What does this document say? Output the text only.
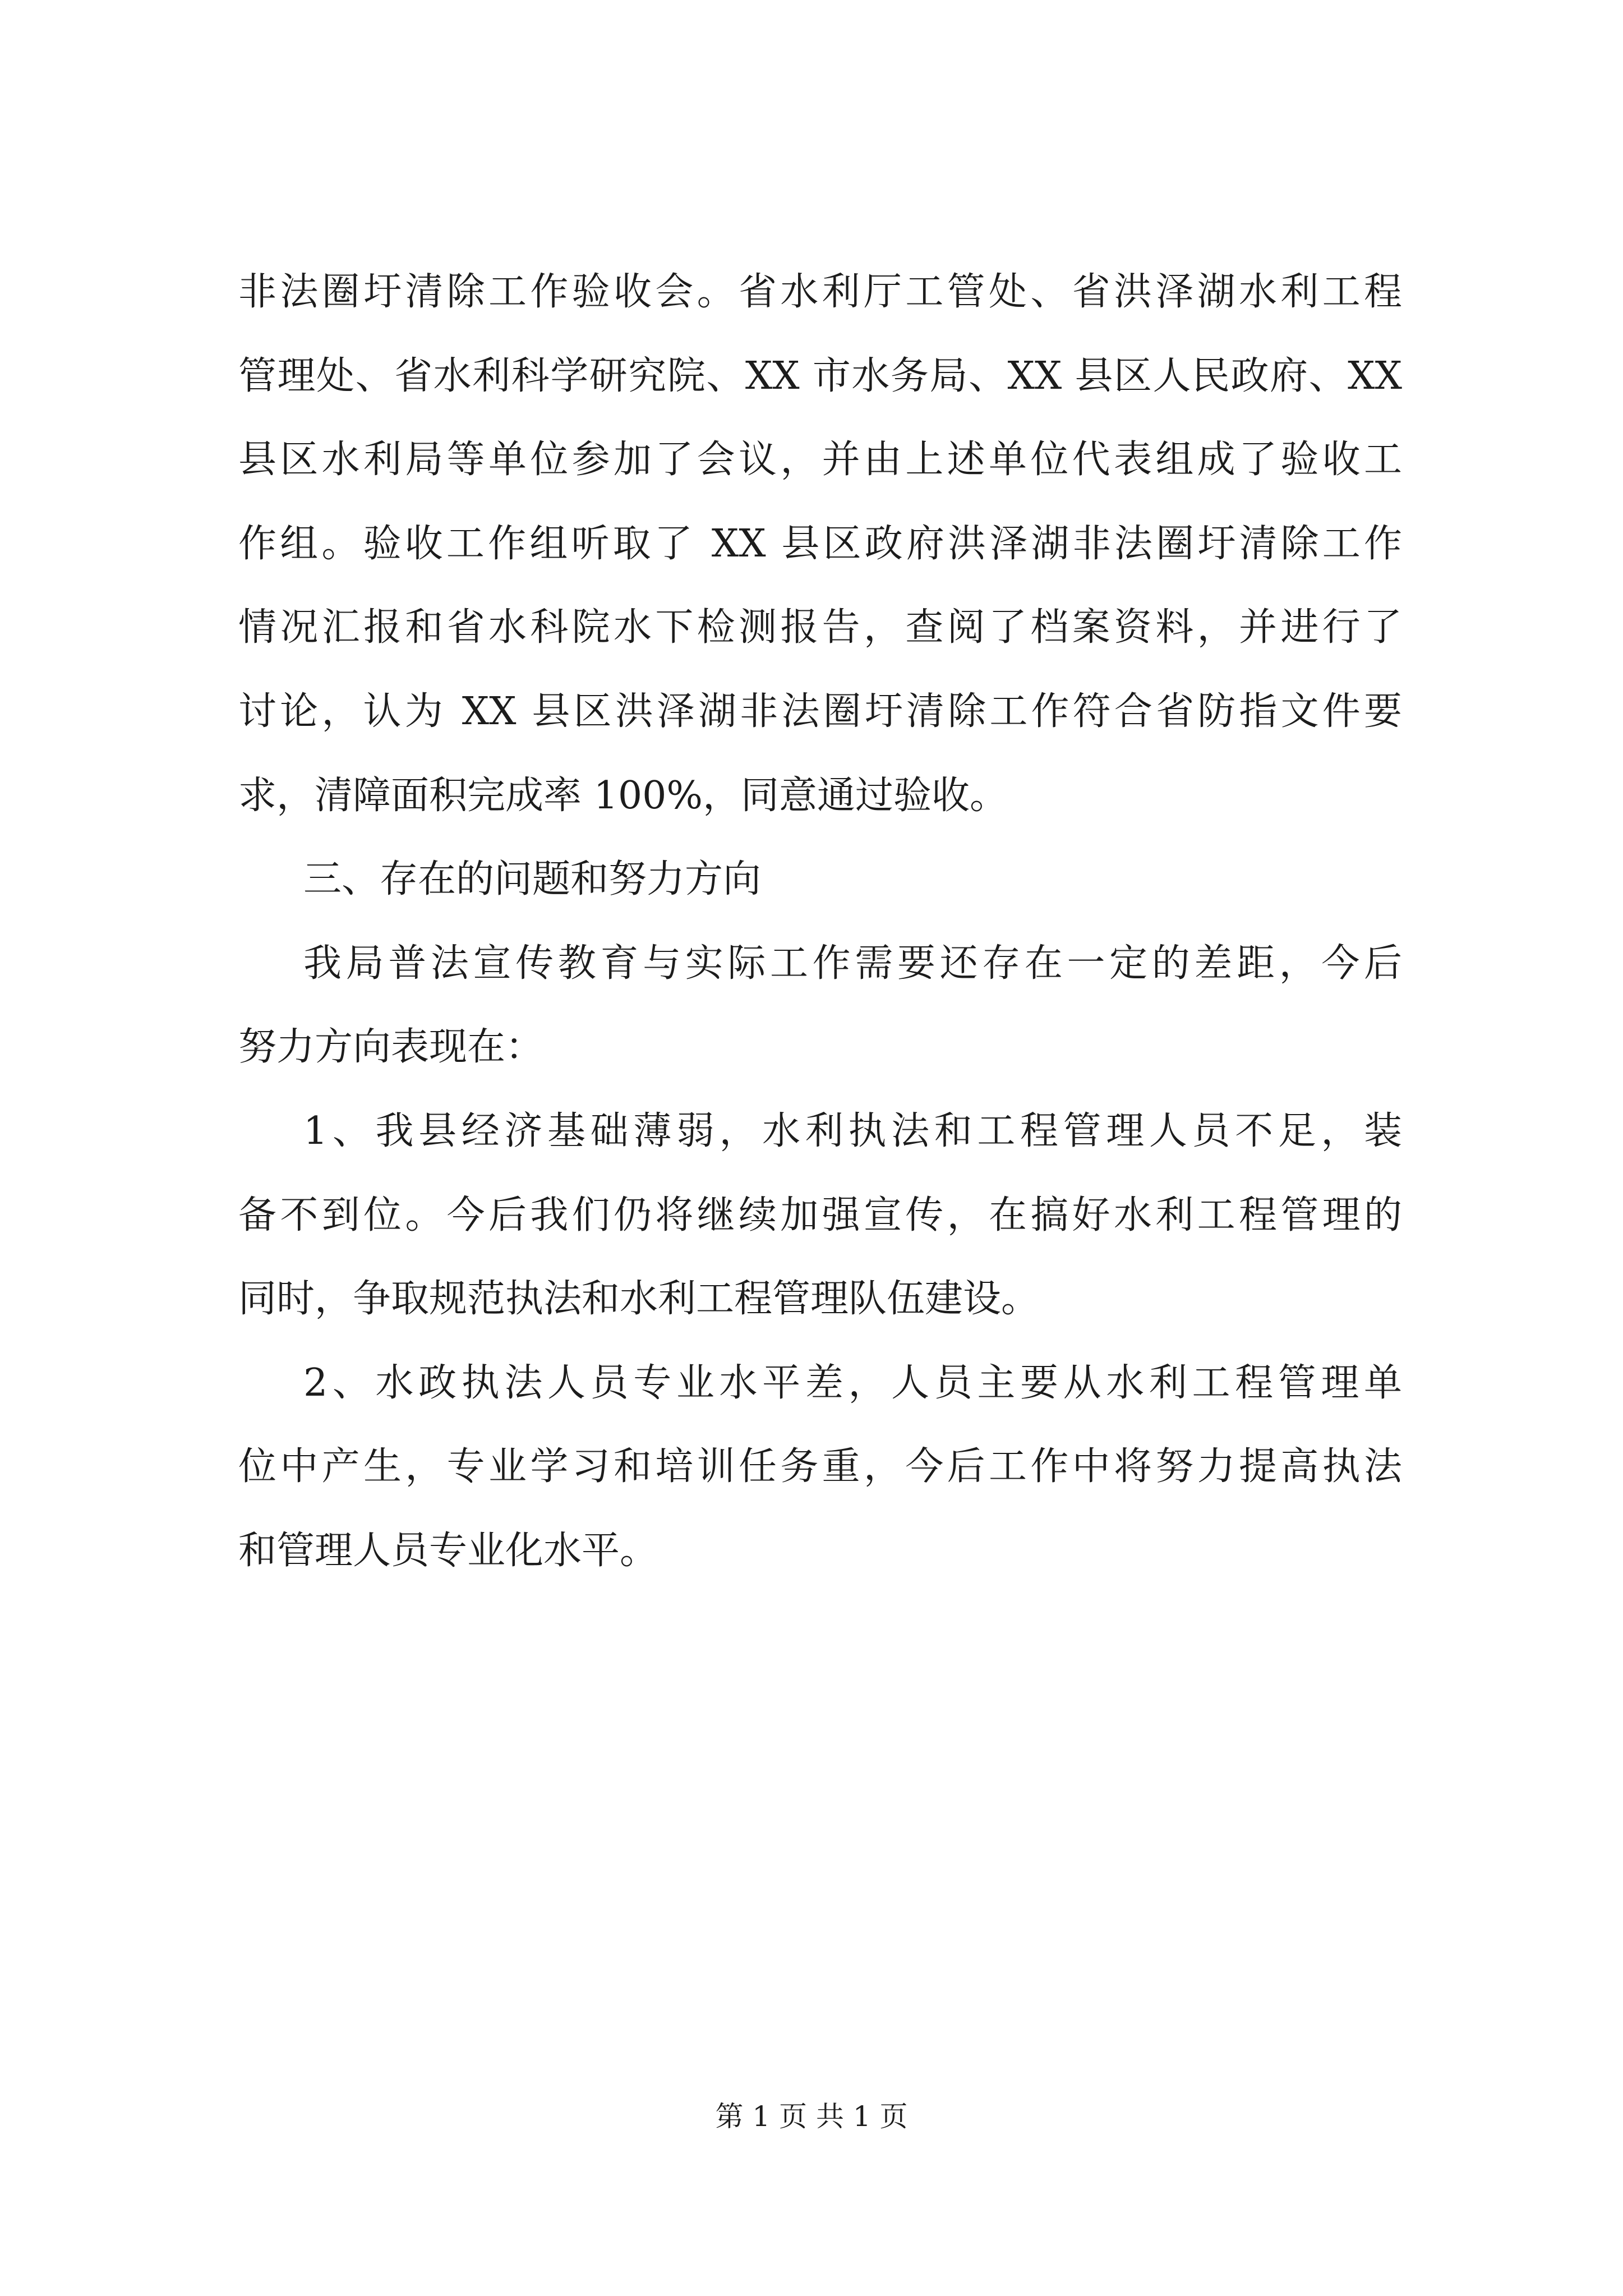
非法圈圩清除工作验收会。省水利厅工管处、省洪泽湖水利工程
管理处、省水利科学研究院、XX 市水务局、XX 县区人民政府、XX
县区水利局等单位参加了会议，并由上述单位代表组成了验收工
作组。验收工作组听取了 XX 县区政府洪泽湖非法圈圩清除工作
情况汇报和省水科院水下检测报告，查阅了档案资料，并进行了
讨论，认为 XX 县区洪泽湖非法圈圩清除工作符合省防指文件要
求，清障面积完成率 100%，同意通过验收。
三、存在的问题和努力方向
我局普法宣传教育与实际工作需要还存在一定的差距，今后
努力方向表现在：
1、我县经济基础薄弱，水利执法和工程管理人员不足，装
备不到位。今后我们仍将继续加强宣传，在搞好水利工程管理的
同时，争取规范执法和水利工程管理队伍建设。
2、水政执法人员专业水平差，人员主要从水利工程管理单
位中产生，专业学习和培训任务重，今后工作中将努力提高执法
和管理人员专业化水平。
第 1 页 共 1 页
